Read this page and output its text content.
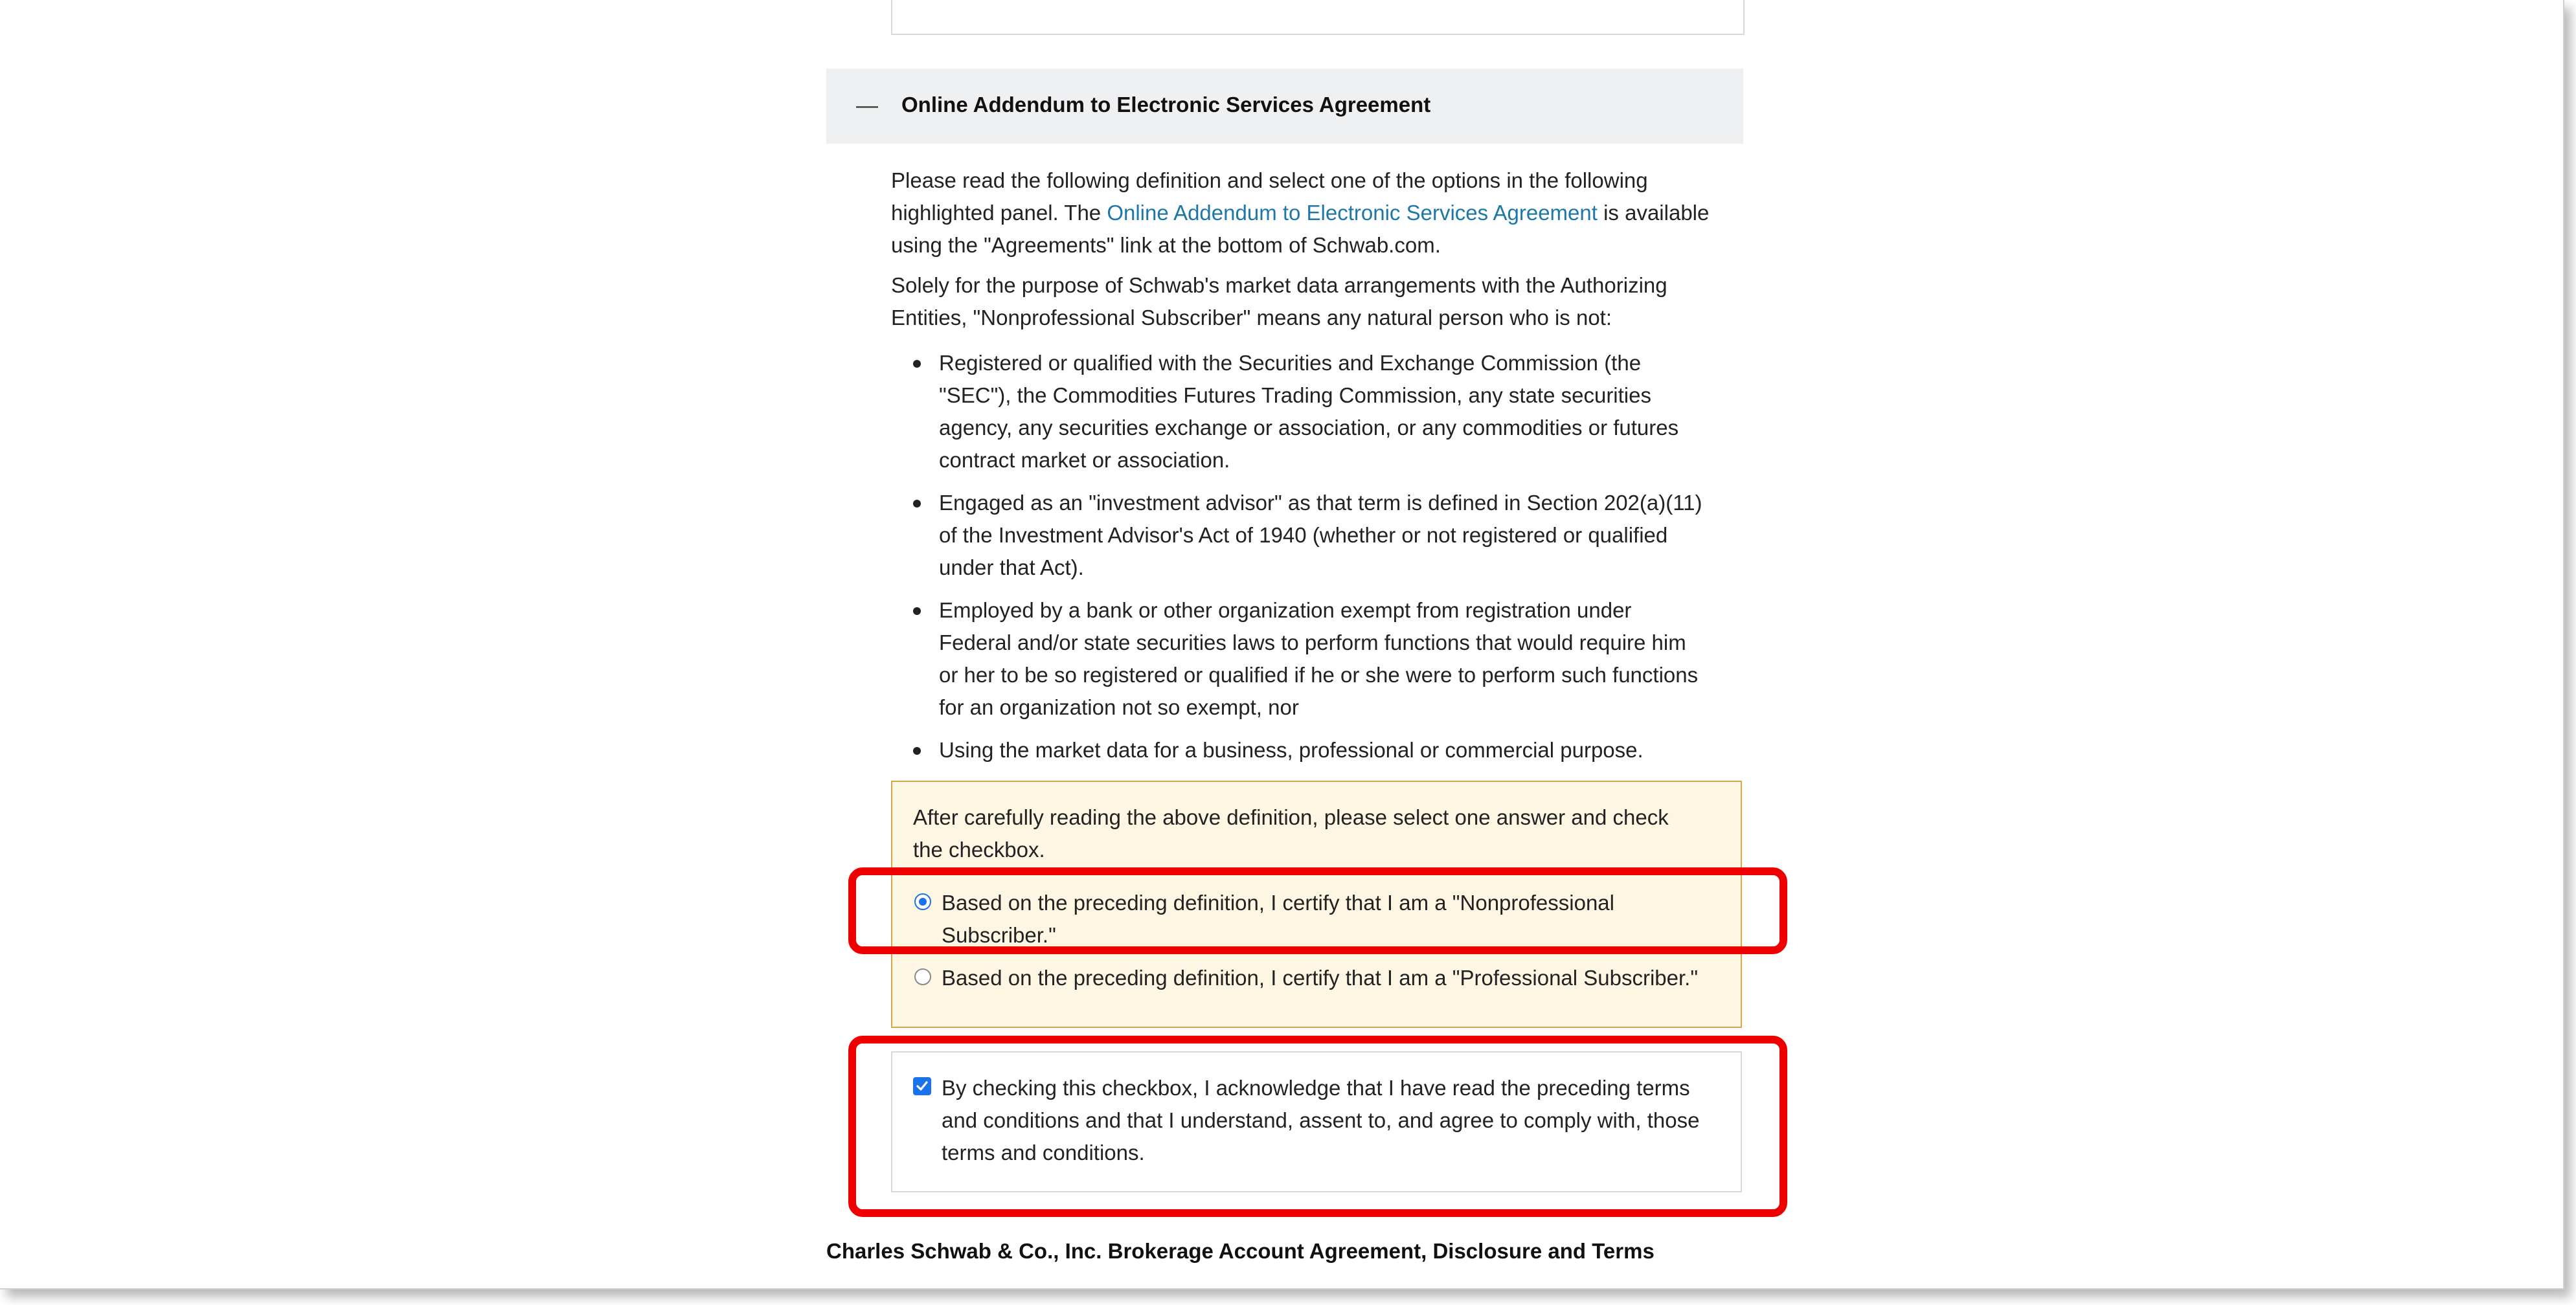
— Online Addendum to Electronic Services Agreement
Please read the following definition and select one of the options in the following
highlighted panel. The Online Addendum to Electronic Services Agreement is available
using the "Agreements" link at the bottom of Schwab.com.
Solely for the purpose of Schwab's market data arrangements with the Authorizing
Entities, "Nonprofessional Subscriber" means any natural person who is not:
Registered or qualified with the Securities and Exchange Commission (the
"SEC"), the Commodities Futures Trading Commission, any state securities
agency, any securities exchange or association, or any commodities or futures
contract market or association.
Engaged as an "investment advisor" as that term is defined in Section 202(a)(11)
of the Investment Advisor's Act of 1940 (whether or not registered or qualified
under that Act).
Employed by a bank or other organization exempt from registration under
Federal and/or state securities laws to perform functions that would require him
or her to be so registered or qualified if he or she were to perform such functions
for an organization not so exempt, nor
Using the market data for a business, professional or commercial purpose.
After carefully reading the above definition, please select one answer and check
the checkbox.
Based on the preceding definition, I certify that I am a "Nonprofessional
Subscriber."
Based on the preceding definition, I certify that I am a "Professional Subscriber."
By checking this checkbox, I acknowledge that I have read the preceding terms
and conditions and that I understand, assent to, and agree to comply with, those
terms and conditions.
Charles Schwab & Co., Inc. Brokerage Account Agreement, Disclosure and Terms
